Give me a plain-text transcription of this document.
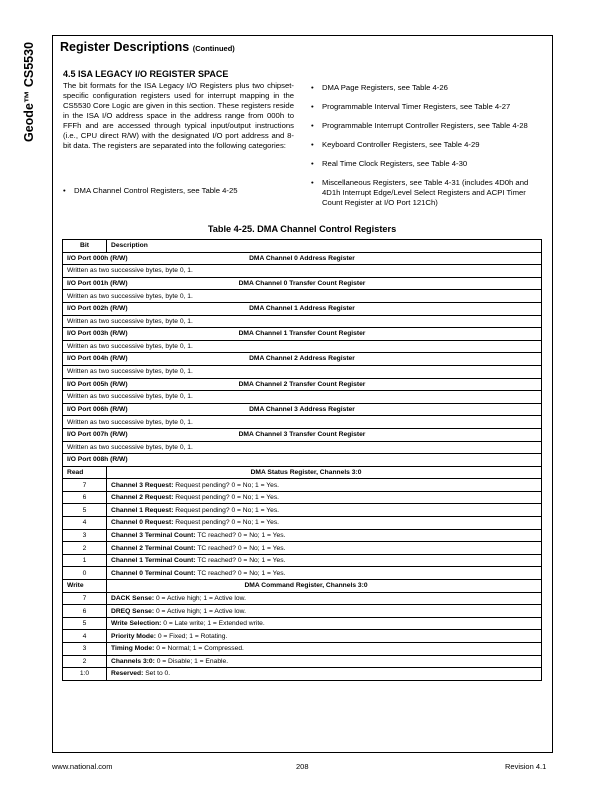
Geode™ CS5530	Register Descriptions (Continued)
4.5 ISA LEGACY I/O REGISTER SPACE

The bit formats for the ISA Legacy I/O Registers plus two chipset-specific configuration registers used for interrupt mapping in the CS5530 Core Logic are given in this section. These registers reside in the ISA I/O address space in the address range from 000h to FFFh and are accessed through typical input/output instructions (i.e., CPU direct R/W) with the designated I/O port address and 8-bit data. The registers are separated into the following categories:

• DMA Channel Control Registers, see Table 4-25
• DMA Page Registers, see Table 4-26
• Programmable Interval Timer Registers, see Table 4-27
• Programmable Interrupt Controller Registers, see Table 4-28
• Keyboard Controller Registers, see Table 4-29
• Real Time Clock Registers, see Table 4-30
• Miscellaneous Registers, see Table 4-31 (includes 4D0h and 4D1h Interrupt Edge/Level Select Registers and ACPI Timer Count Register at I/O Port 121Ch)
Table 4-25. DMA Channel Control Registers
Bit	Description

I/O Port 000h (R/W) DMA Channel 0 Address Register	

Written as two successive bytes, byte 0, 1.	

I/O Port 001h (R/W) DMA Channel 0 Transfer Count Register	

Written as two successive bytes, byte 0, 1.	

I/O Port 002h (R/W) DMA Channel 1 Address Register	

Written as two successive bytes, byte 0, 1.	

I/O Port 003h (R/W) DMA Channel 1 Transfer Count Register	

Written as two successive bytes, byte 0, 1.	

I/O Port 004h (R/W) DMA Channel 2 Address Register	

Written as two successive bytes, byte 0, 1.	

I/O Port 005h (R/W) DMA Channel 2 Transfer Count Register	

Written as two successive bytes, byte 0, 1.	

I/O Port 006h (R/W) DMA Channel 3 Address Register	

Written as two successive bytes, byte 0, 1.	

I/O Port 007h (R/W) DMA Channel 3 Transfer Count Register	

Written as two successive bytes, byte 0, 1.	

I/O Port 008h (R/W)	

Read	DMA Status Register, Channels 3:0
7	Channel 3 Request: Request pending? 0 = No; 1 = Yes.
6	Channel 2 Request: Request pending? 0 = No; 1 = Yes.
5	Channel 1 Request: Request pending? 0 = No; 1 = Yes.
4	Channel 0 Request: Request pending? 0 = No; 1 = Yes.
3	Channel 3 Terminal Count: TC reached? 0 = No; 1 = Yes.
2	Channel 2 Terminal Count: TC reached? 0 = No; 1 = Yes.
1	Channel 1 Terminal Count: TC reached? 0 = No; 1 = Yes.
0	Channel 0 Terminal Count: TC reached? 0 = No; 1 = Yes.
Write	DMA Command Register, Channels 3:0
7	DACK Sense: 0 = Active high; 1 = Active low.
6	DREQ Sense: 0 = Active high; 1 = Active low.
5	Write Selection: 0 = Late write; 1 = Extended write.
4	Priority Mode: 0 = Fixed; 1 = Rotating.
3	Timing Mode: 0 = Normal; 1 = Compressed.
2	Channels 3:0: 0 = Disable; 1 = Enable.
1:0	Reserved: Set to 0.
www.national.com	208	Revision 4.1
